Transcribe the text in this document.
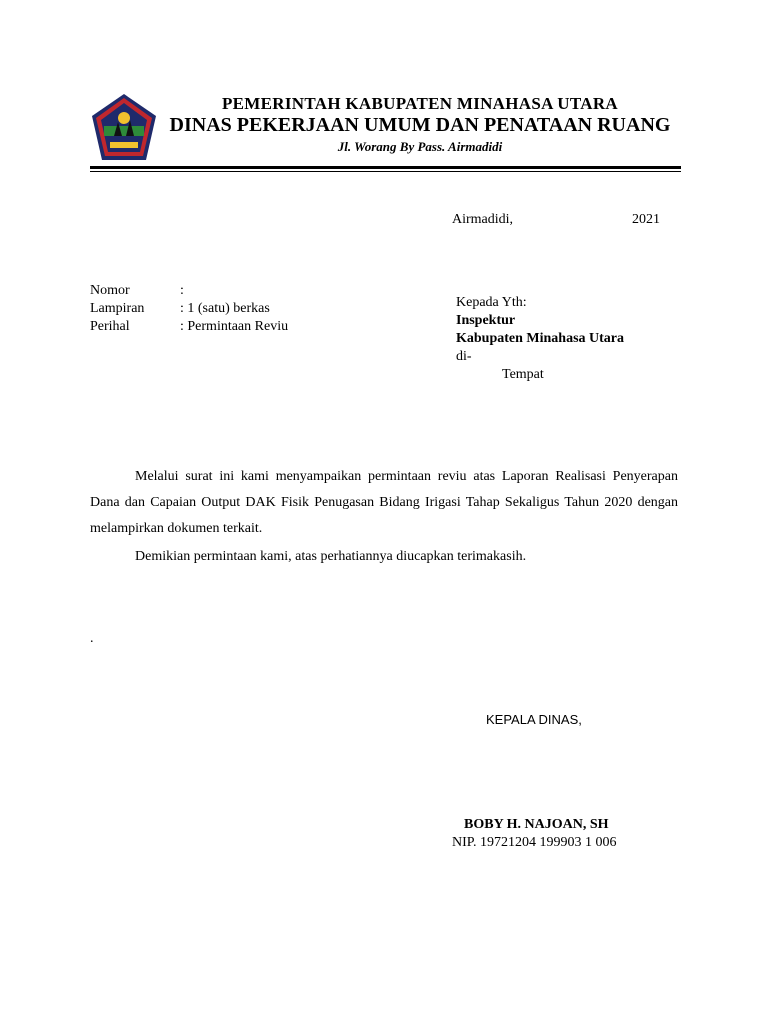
PEMERINTAH KABUPATEN MINAHASA UTARA
DINAS PEKERJAAN UMUM DAN PENATAAN RUANG
Jl. Worang By Pass. Airmadidi
Airmadidi,	2021
Nomor	:
Lampiran	: 1 (satu) berkas
Perihal	: Permintaan Reviu
Kepada Yth:
Inspektur
Kabupaten Minahasa Utara
di-
Tempat
Melalui surat ini kami menyampaikan permintaan reviu atas Laporan Realisasi Penyerapan Dana dan Capaian Output DAK Fisik Penugasan Bidang Irigasi Tahap Sekaligus Tahun 2020 dengan melampirkan dokumen terkait.
Demikian permintaan kami, atas perhatiannya diucapkan terimakasih.
.
KEPALA DINAS,
BOBY H. NAJOAN, SH
NIP. 19721204 199903 1 006
